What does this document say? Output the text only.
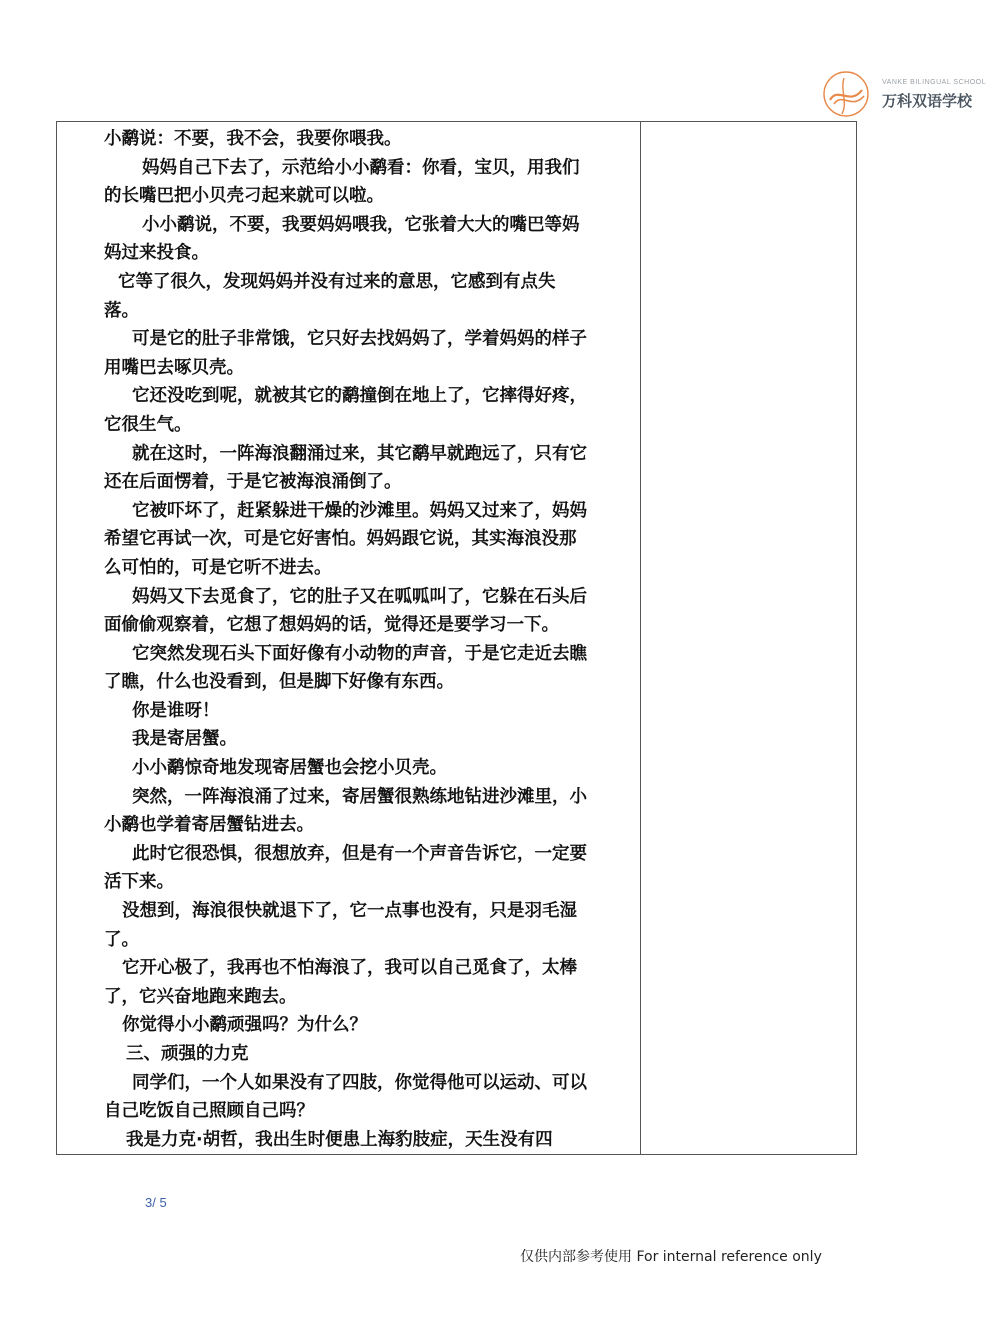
VANKE BILINGUAL SCHOOL
万科双语学校
小鹬说：不要，我不会，我要你喂我。
妈妈自己下去了，示范给小小鹬看：你看，宝贝，用我们
的长嘴巴把小贝壳刁起来就可以啦。
小小鹬说，不要，我要妈妈喂我，它张着大大的嘴巴等妈
妈过来投食。
它等了很久，发现妈妈并没有过来的意思，它感到有点失
落。
可是它的肚子非常饿，它只好去找妈妈了，学着妈妈的样子
用嘴巴去啄贝壳。
它还没吃到呢，就被其它的鹬撞倒在地上了，它摔得好疼，
它很生气。
就在这时，一阵海浪翻涌过来，其它鹬早就跑远了，只有它
还在后面愣着，于是它被海浪涌倒了。
它被吓坏了，赶紧躲进干燥的沙滩里。妈妈又过来了，妈妈
希望它再试一次，可是它好害怕。妈妈跟它说，其实海浪没那
么可怕的，可是它听不进去。
妈妈又下去觅食了，它的肚子又在呱呱叫了，它躲在石头后
面偷偷观察着，它想了想妈妈的话，觉得还是要学习一下。
它突然发现石头下面好像有小动物的声音，于是它走近去瞧
了瞧，什么也没看到，但是脚下好像有东西。
你是谁呀！
我是寄居蟹。
小小鹬惊奇地发现寄居蟹也会挖小贝壳。
突然，一阵海浪涌了过来，寄居蟹很熟练地钻进沙滩里，小
小鹬也学着寄居蟹钻进去。
此时它很恐惧，很想放弃，但是有一个声音告诉它，一定要
活下来。
没想到，海浪很快就退下了，它一点事也没有，只是羽毛湿
了。
它开心极了，我再也不怕海浪了，我可以自己觅食了，太棒
了，它兴奋地跑来跑去。
你觉得小小鹬顽强吗？为什么？
三、顽强的力克
同学们，一个人如果没有了四肢，你觉得他可以运动、可以
自己吃饭自己照顾自己吗？
我是力克·胡哲，我出生时便患上海豹肢症，天生没有四
3/ 5
仅供内部参考使用 For internal reference only
